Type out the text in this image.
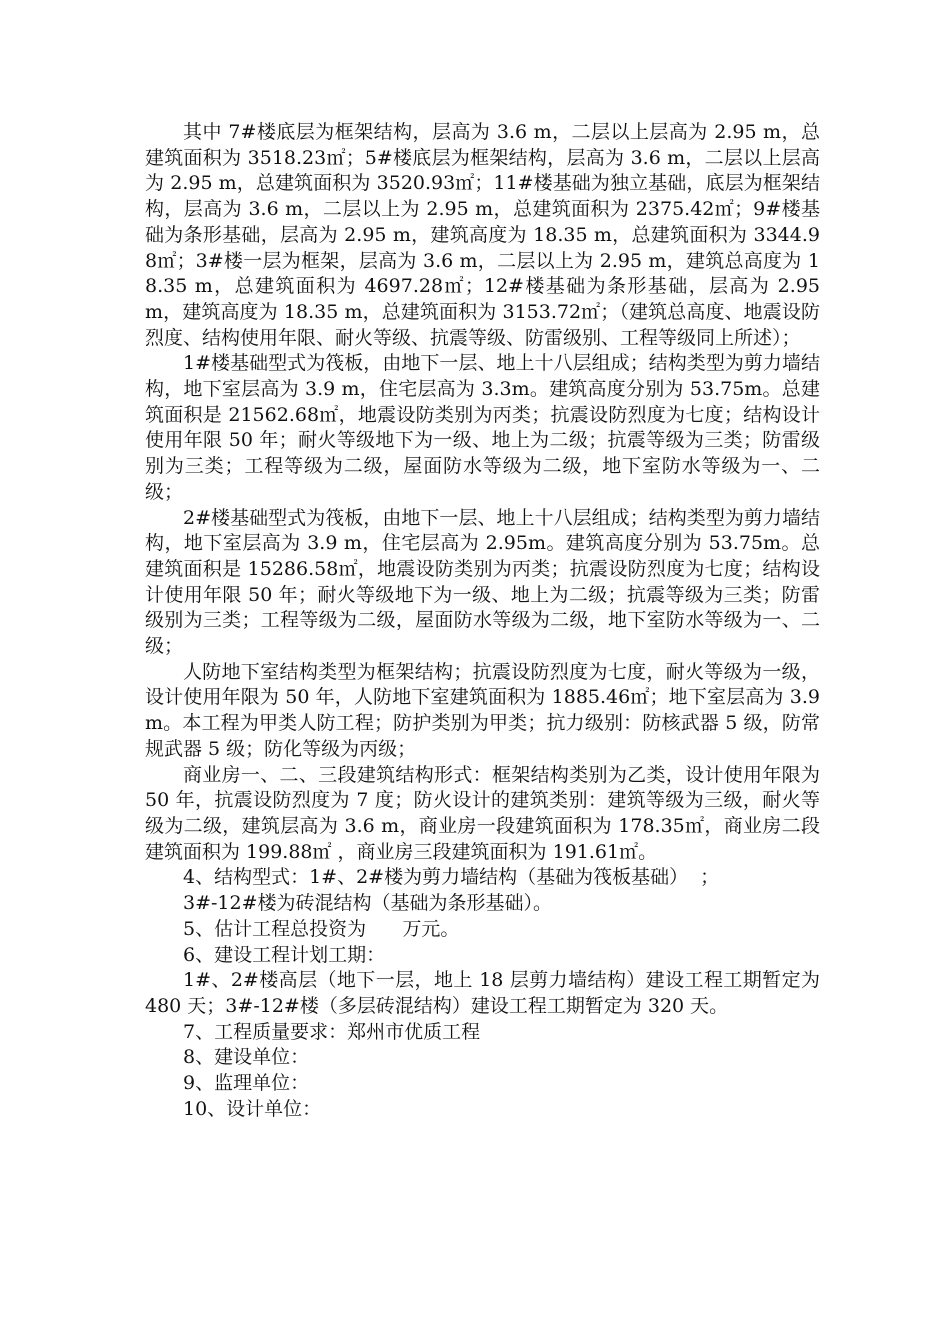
其中 7#楼底层为框架结构，层高为 3.6 m，二层以上层高为 2.95 m，总建筑面积为 3518.23㎡；5#楼底层为框架结构，层高为 3.6 m，二层以上层高为 2.95 m，总建筑面积为 3520.93㎡；11#楼基础为独立基础，底层为框架结构，层高为 3.6 m，二层以上为 2.95 m，总建筑面积为 2375.42㎡；9#楼基础为条形基础，层高为 2.95 m，建筑高度为 18.35 m，总建筑面积为 3344.98㎡；3#楼一层为框架，层高为 3.6 m，二层以上为 2.95 m，建筑总高度为 18.35 m，总建筑面积为 4697.28㎡；12#楼基础为条形基础，层高为 2.95 m，建筑高度为 18.35 m，总建筑面积为 3153.72㎡；（建筑总高度、地震设防烈度、结构使用年限、耐火等级、抗震等级、防雷级别、工程等级同上所述）；

1#楼基础型式为筏板，由地下一层、地上十八层组成；结构类型为剪力墙结构，地下室层高为 3.9 m，住宅层高为 3.3m。建筑高度分别为 53.75m。总建筑面积是 21562.68㎡，地震设防类别为丙类；抗震设防烈度为七度；结构设计使用年限 50 年；耐火等级地下为一级、地上为二级；抗震等级为三类；防雷级别为三类；工程等级为二级，屋面防水等级为二级，地下室防水等级为一、二级；

2#楼基础型式为筏板，由地下一层、地上十八层组成；结构类型为剪力墙结构，地下室层高为 3.9 m，住宅层高为 2.95m。建筑高度分别为 53.75m。总建筑面积是 15286.58㎡，地震设防类别为丙类；抗震设防烈度为七度；结构设计使用年限 50 年；耐火等级地下为一级、地上为二级；抗震等级为三类；防雷级别为三类；工程等级为二级，屋面防水等级为二级，地下室防水等级为一、二级；

人防地下室结构类型为框架结构；抗震设防烈度为七度，耐火等级为一级，设计使用年限为 50 年，人防地下室建筑面积为 1885.46㎡；地下室层高为 3.9 m。本工程为甲类人防工程；防护类别为甲类；抗力级别：防核武器 5 级，防常规武器 5 级；防化等级为丙级；

商业房一、二、三段建筑结构形式：框架结构类别为乙类，设计使用年限为 50 年，抗震设防烈度为 7 度；防火设计的建筑类别：建筑等级为三级，耐火等级为二级，建筑层高为 3.6 m，商业房一段建筑面积为 178.35㎡，商业房二段建筑面积为 199.88㎡ ，商业房三段建筑面积为 191.61㎡。

4、结构型式：1#、2#楼为剪力墙结构（基础为筏板基础）  ；

3#-12#楼为砖混结构（基础为条形基础）。

5、估计工程总投资为      万元。

6、建设工程计划工期：

1#、2#楼高层（地下一层，地上 18 层剪力墙结构）建设工程工期暂定为 480 天；3#-12#楼（多层砖混结构）建设工程工期暂定为 320 天。

7、工程质量要求：郑州市优质工程

8、建设单位：

9、监理单位：

10、设计单位：
